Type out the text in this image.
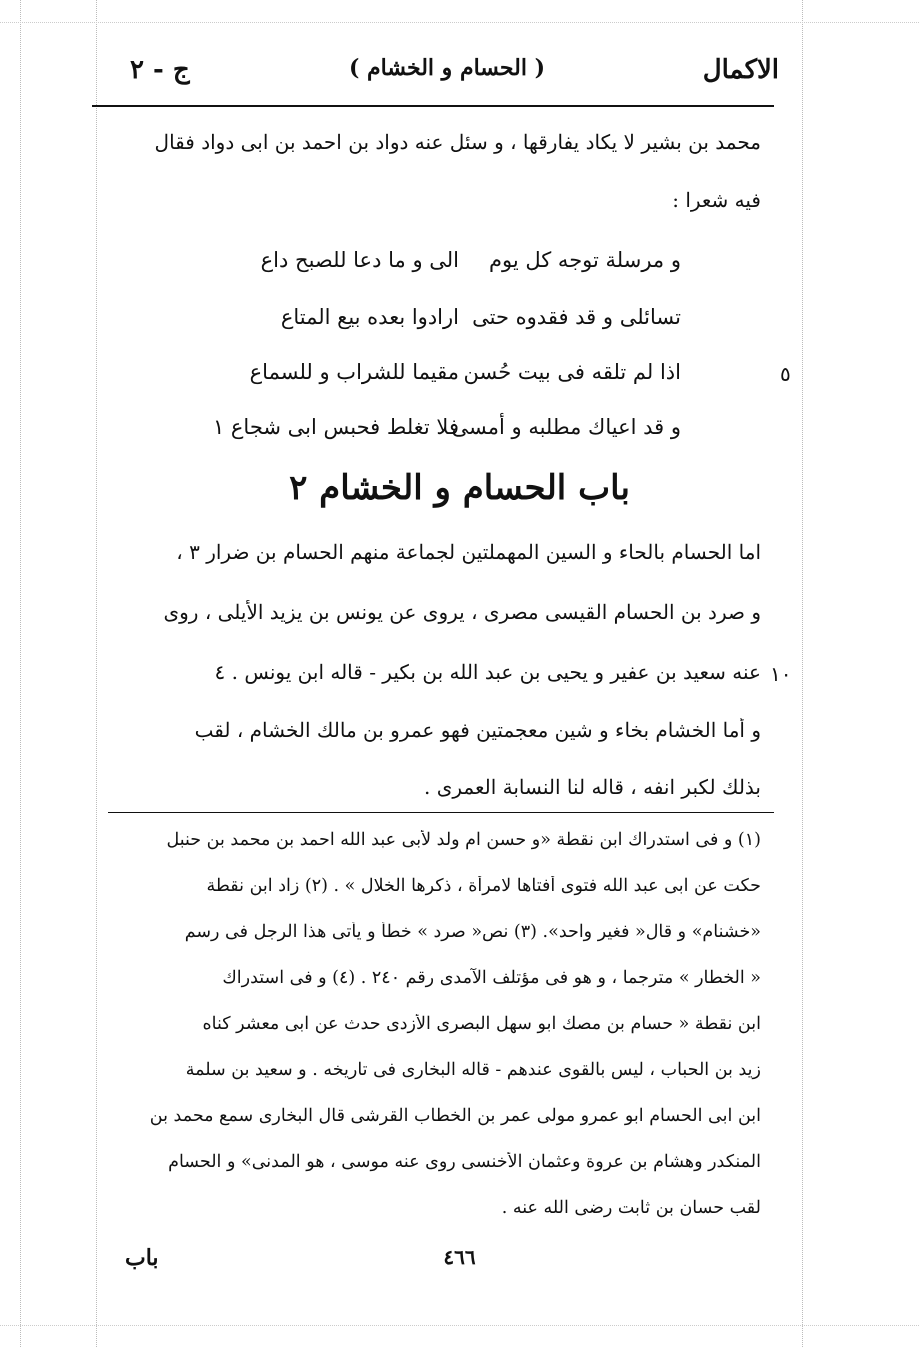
الاكمال
( الحسام و الخشام )
ج - ٢
محمد بن بشير لا يكاد يفارقها ، و سئل عنه دواد بن احمد بن ابى دواد فقال
فيه شعرا :
و مرسلة توجه كل يوم
الى و ما دعا للصبح داع
تسائلى و قد فقدوه حتى
ارادوا بعده بيع المتاع
اذا لم تلقه فى بيت حُسن
مقيما للشراب و للسماع
و قد اعياك مطلبه و أمسى
فلا تغلط فحبس ابى شجاع ١
٥
باب الحسام و الخشام ٢
اما الحسام بالحاء و السين المهملتين لجماعة منهم الحسام بن ضرار ٣ ،
و صرد بن الحسام القيسى مصرى ، يروى عن يونس بن يزيد الأيلى ، روى
عنه سعيد بن عفير و يحيى بن عبد الله بن بكير - قاله ابن يونس . ٤
و أما الخشام بخاء و شين معجمتين فهو عمرو بن مالك الخشام ، لقب
بذلك لكبر انفه ، قاله لنا النسابة العمرى .
١٠
(١) و فى استدراك ابن نقطة «و حسن ام ولد لأبى عبد الله احمد بن محمد بن حنبل
حكت عن ابى عبد الله فتوى أفتاها لامرأة ، ذكرها الخلال » . (٢) زاد ابن نقطة
«خشنام» و قال« فغير واحد». (٣) نص« صرد » خطأ و يأتى هذا الرجل فى رسم
« الخطار » مترجما ، و هو فى مؤتلف الآمدى رقم ٢٤٠ . (٤) و فى استدراك
ابن نقطة « حسام بن مصك ابو سهل البصرى الأزدى حدث عن ابى معشر كناه
زيد بن الحباب ، ليس بالقوى عندهم - قاله البخارى فى تاريخه . و سعيد بن سلمة
ابن ابى الحسام ابو عمرو مولى عمر بن الخطاب القرشى قال البخارى سمع محمد بن
المنكدر وهشام بن عروة وعثمان الأخنسى روى عنه موسى ، هو المدنى» و الحسام
لقب حسان بن ثابت رضى الله عنه .
٤٦٦
باب
